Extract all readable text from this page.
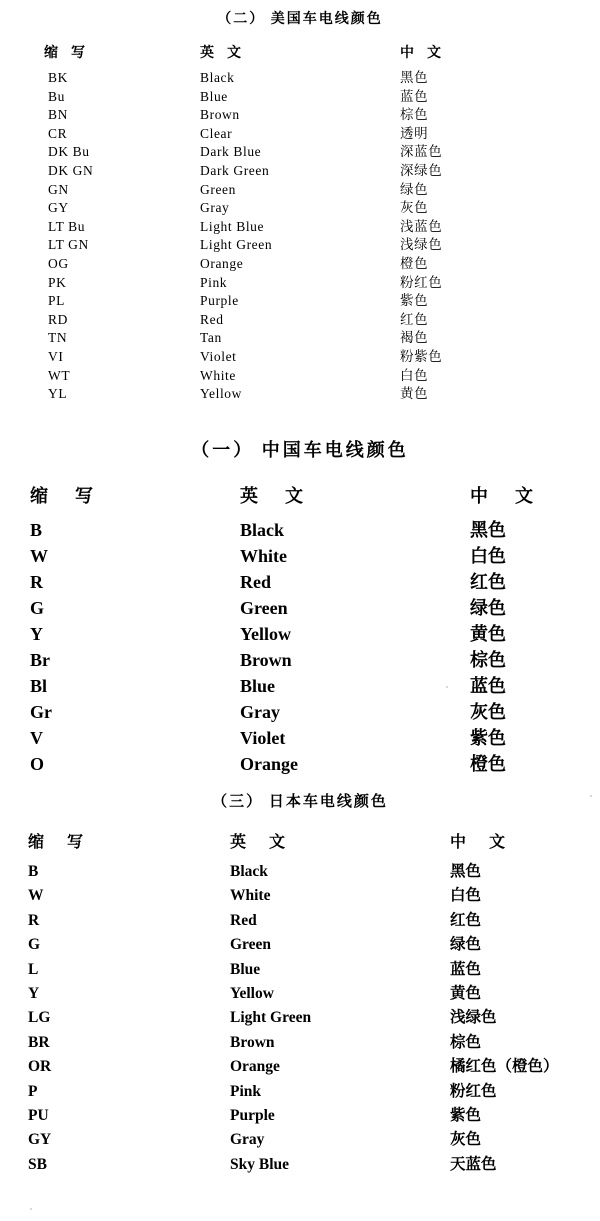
（二） 美国车电线颜色
缩  写	英  文	中  文
BK	Black	黑色
Bu	Blue	蓝色
BN	Brown	棕色
CR	Clear	透明
DK Bu	Dark Blue	深蓝色
DK GN	Dark Green	深绿色
GN	Green	绿色
GY	Gray	灰色
LT Bu	Light Blue	浅蓝色
LT GN	Light Green	浅绿色
OG	Orange	橙色
PK	Pink	粉红色
PL	Purple	紫色
RD	Red	红色
TN	Tan	褐色
VI	Violet	粉紫色
WT	White	白色
YL	Yellow	黄色
（一） 中国车电线颜色
缩  写	英  文	中  文
B	Black	黑色
W	White	白色
R	Red	红色
G	Green	绿色
Y	Yellow	黄色
Br	Brown	棕色
Bl	Blue	蓝色
Gr	Gray	灰色
V	Violet	紫色
O	Orange	橙色
（三） 日本车电线颜色
缩  写	英  文	中  文
B	Black	黑色
W	White	白色
R	Red	红色
G	Green	绿色
L	Blue	蓝色
Y	Yellow	黄色
LG	Light Green	浅绿色
BR	Brown	棕色
OR	Orange	橘红色（橙色）
P	Pink	粉红色
PU	Purple	紫色
GY	Gray	灰色
SB	Sky Blue	天蓝色
